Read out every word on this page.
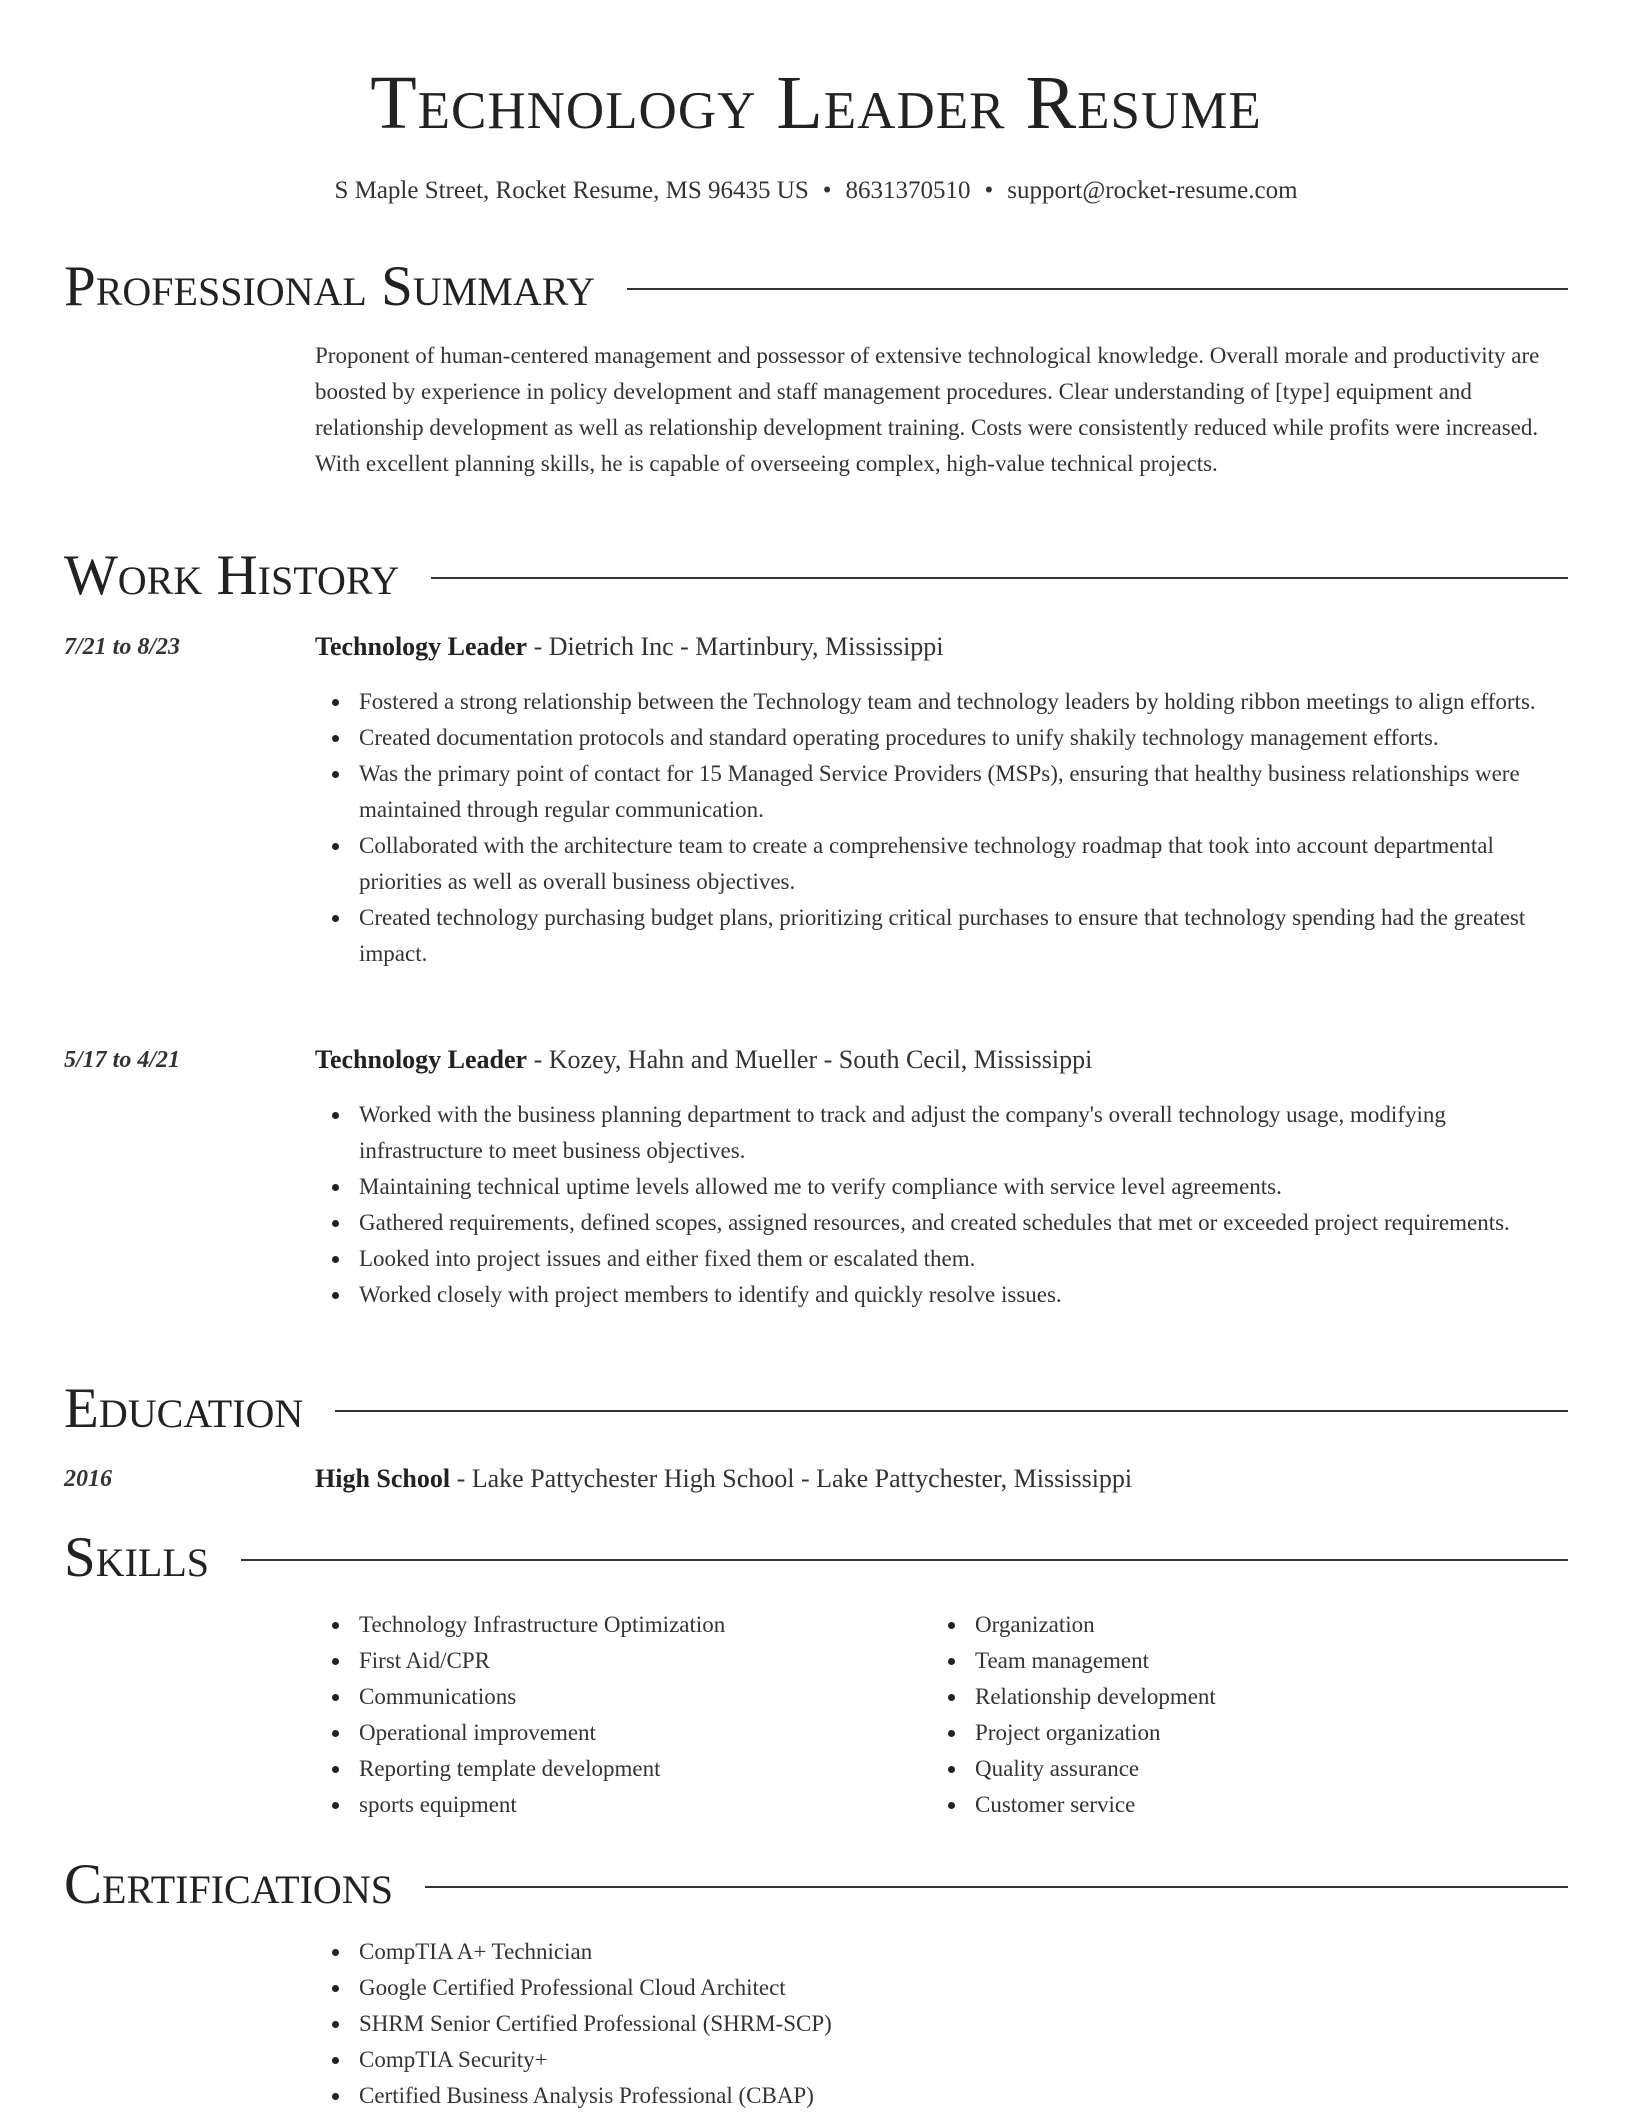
Technology Leader Resume
S Maple Street, Rocket Resume, MS 96435 US • 8631370510 • support@rocket-resume.com
Professional Summary
Proponent of human-centered management and possessor of extensive technological knowledge. Overall morale and productivity are boosted by experience in policy development and staff management procedures. Clear understanding of [type] equipment and relationship development as well as relationship development training. Costs were consistently reduced while profits were increased. With excellent planning skills, he is capable of overseeing complex, high-value technical projects.
Work History
7/21 to 8/23	Technology Leader - Dietrich Inc - Martinbury, Mississippi
Fostered a strong relationship between the Technology team and technology leaders by holding ribbon meetings to align efforts.
Created documentation protocols and standard operating procedures to unify shakily technology management efforts.
Was the primary point of contact for 15 Managed Service Providers (MSPs), ensuring that healthy business relationships were maintained through regular communication.
Collaborated with the architecture team to create a comprehensive technology roadmap that took into account departmental priorities as well as overall business objectives.
Created technology purchasing budget plans, prioritizing critical purchases to ensure that technology spending had the greatest impact.
5/17 to 4/21	Technology Leader - Kozey, Hahn and Mueller - South Cecil, Mississippi
Worked with the business planning department to track and adjust the company's overall technology usage, modifying infrastructure to meet business objectives.
Maintaining technical uptime levels allowed me to verify compliance with service level agreements.
Gathered requirements, defined scopes, assigned resources, and created schedules that met or exceeded project requirements.
Looked into project issues and either fixed them or escalated them.
Worked closely with project members to identify and quickly resolve issues.
Education
2016	High School - Lake Pattychester High School - Lake Pattychester, Mississippi
Skills
Technology Infrastructure Optimization
First Aid/CPR
Communications
Operational improvement
Reporting template development
sports equipment
Organization
Team management
Relationship development
Project organization
Quality assurance
Customer service
Certifications
CompTIA A+ Technician
Google Certified Professional Cloud Architect
SHRM Senior Certified Professional (SHRM-SCP)
CompTIA Security+
Certified Business Analysis Professional (CBAP)
